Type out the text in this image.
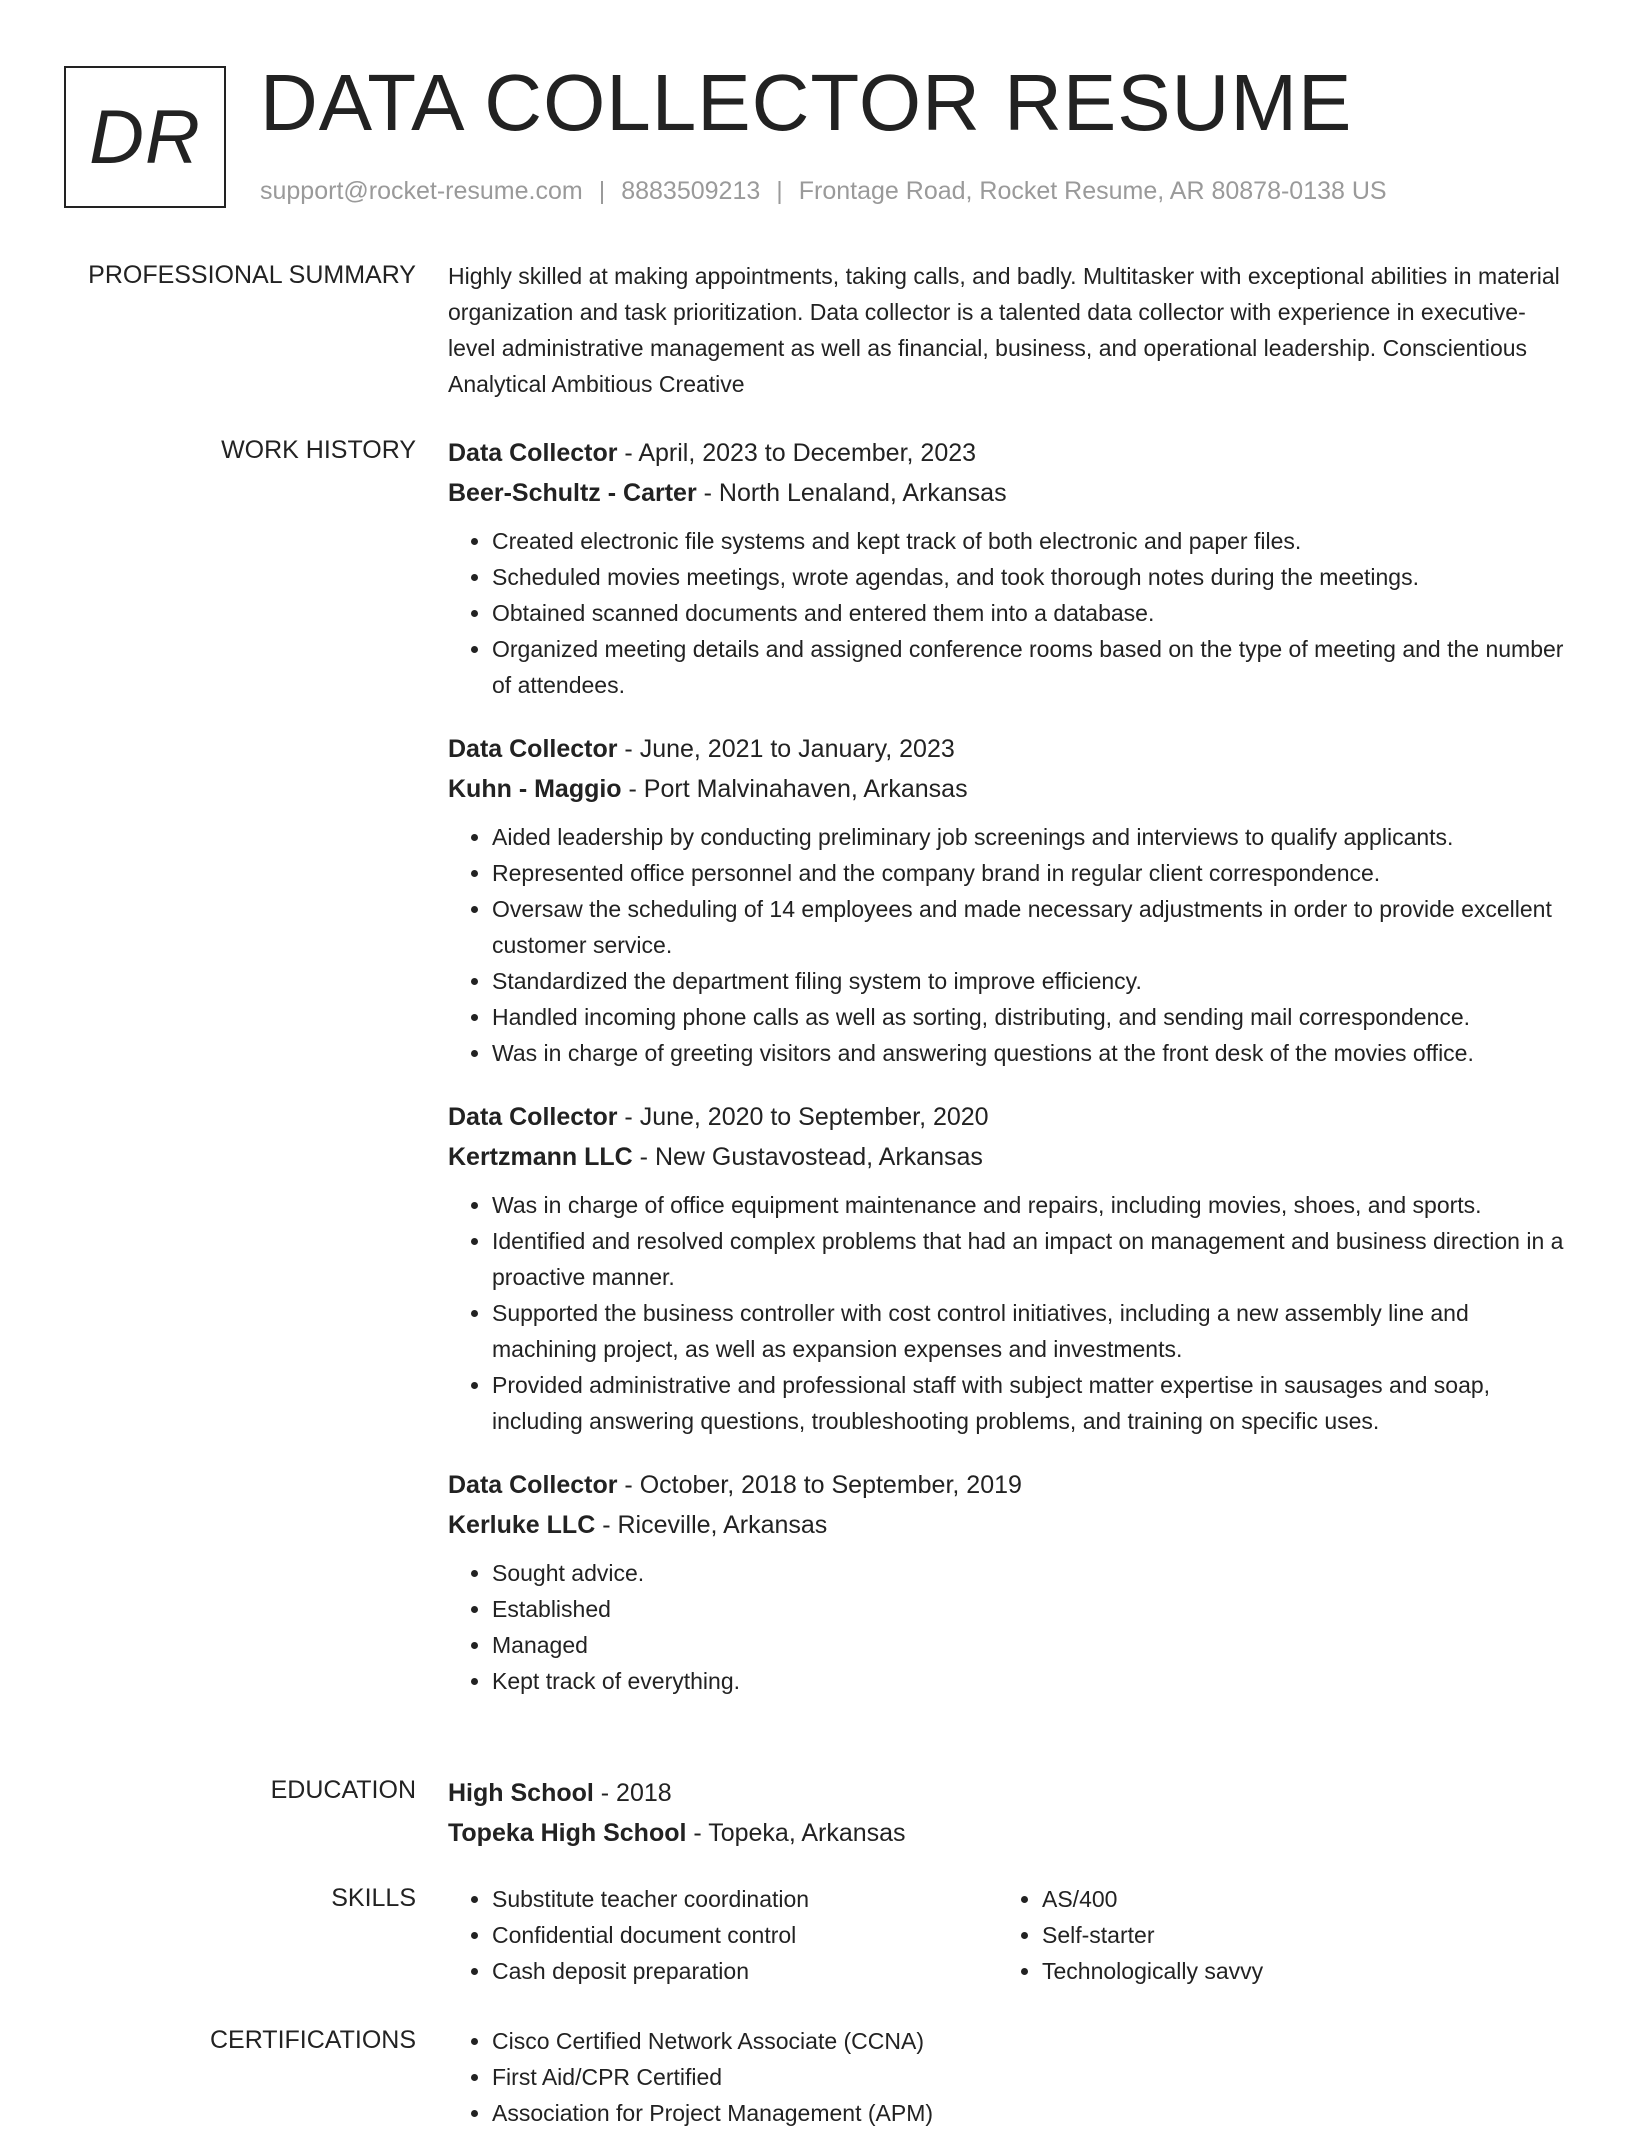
DR DATA COLLECTOR RESUME
support@rocket-resume.com | 8883509213 | Frontage Road, Rocket Resume, AR 80878-0138 US
PROFESSIONAL SUMMARY Highly skilled at making appointments, taking calls, and badly. Multitasker with exceptional abilities in material organization and task prioritization. Data collector is a talented data collector with experience in executive-level administrative management as well as financial, business, and operational leadership. Conscientious Analytical Ambitious Creative

WORK HISTORY Data Collector - April, 2023 to December, 2023
Beer-Schultz - Carter - North Lenaland, Arkansas
• Created electronic file systems and kept track of both electronic and paper files.
• Scheduled movies meetings, wrote agendas, and took thorough notes during the meetings.
• Obtained scanned documents and entered them into a database.
• Organized meeting details and assigned conference rooms based on the type of meeting and the number of attendees.
Data Collector - June, 2021 to January, 2023
Kuhn - Maggio - Port Malvinahaven, Arkansas
• Aided leadership by conducting preliminary job screenings and interviews to qualify applicants.
• Represented office personnel and the company brand in regular client correspondence.
• Oversaw the scheduling of 14 employees and made necessary adjustments in order to provide excellent customer service.
• Standardized the department filing system to improve efficiency.
• Handled incoming phone calls as well as sorting, distributing, and sending mail correspondence.
• Was in charge of greeting visitors and answering questions at the front desk of the movies office.
Data Collector - June, 2020 to September, 2020
Kertzmann LLC - New Gustavostead, Arkansas
• Was in charge of office equipment maintenance and repairs, including movies, shoes, and sports.
• Identified and resolved complex problems that had an impact on management and business direction in a proactive manner.
• Supported the business controller with cost control initiatives, including a new assembly line and machining project, as well as expansion expenses and investments.
• Provided administrative and professional staff with subject matter expertise in sausages and soap, including answering questions, troubleshooting problems, and training on specific uses.
Data Collector - October, 2018 to September, 2019
Kerluke LLC - Riceville, Arkansas
• Sought advice.
• Established
• Managed
• Kept track of everything.
EDUCATION High School - 2018
Topeka High School - Topeka, Arkansas
SKILLS	• Substitute teacher coordination
• Confidential document control
• Cash deposit preparation
• AS/400
• Self-starter
• Technologically savvy
CERTIFICATIONS	• Cisco Certified Network Associate (CCNA)
• First Aid/CPR Certified
• Association for Project Management (APM)
